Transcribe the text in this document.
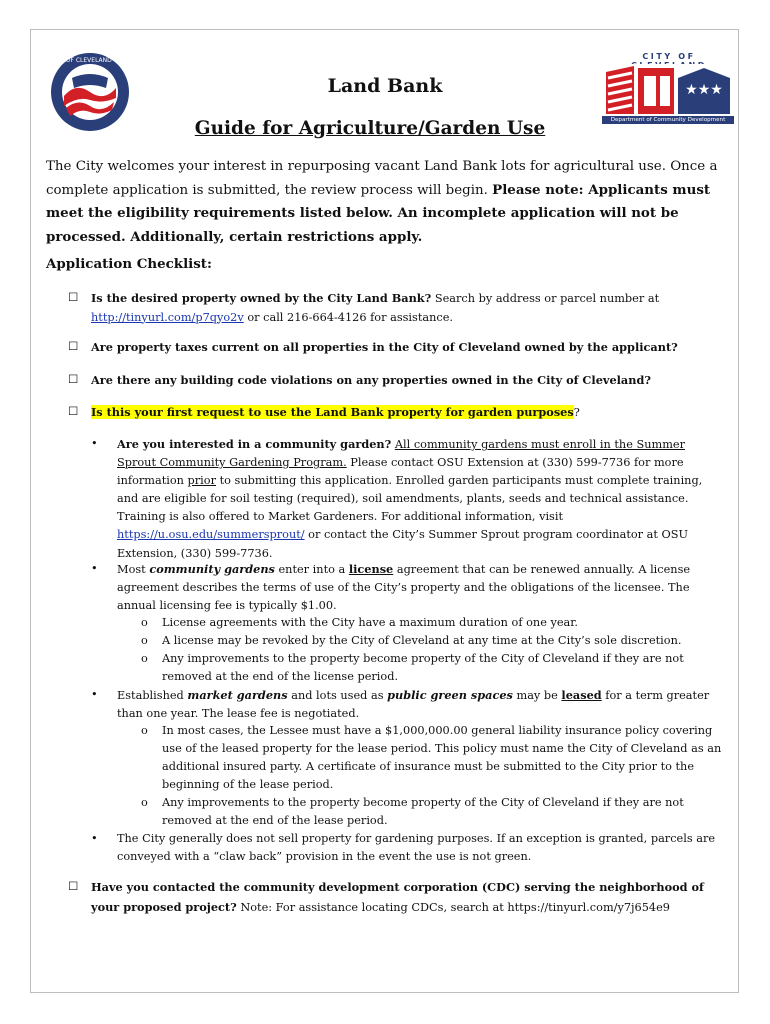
CITY OF CLEVELAND OHIO	CITY OF
★★★
Department of Community Development
Land Bank
Guide for Agriculture/Garden Use
The City welcomes your interest in repurposing vacant Land Bank lots for agricultural use. Once a complete application is submitted, the review process will begin. Please note: Applicants must meet the eligibility requirements listed below. An incomplete application will not be processed. Additionally, certain restrictions apply.
Application Checklist:
☐ Is the desired property owned by the City Land Bank? Search by address or parcel number at http://tinyurl.com/p7qyo2v or call 216-664-4126 for assistance.
☐ Are property taxes current on all properties in the City of Cleveland owned by the applicant?
☐ Are there any building code violations on any properties owned in the City of Cleveland?
☐ Is this your first request to use the Land Bank property for garden purposes?
• Are you interested in a community garden? All community gardens must enroll in the Summer Sprout Community Gardening Program. Please contact OSU Extension at (330) 599-7736 for more information prior to submitting this application. Enrolled garden participants must complete training, and are eligible for soil testing (required), soil amendments, plants, seeds and technical assistance. Training is also offered to Market Gardeners. For additional information, visit https://u.osu.edu/summersprout/ or contact the City’s Summer Sprout program coordinator at OSU Extension, (330) 599-7736.
• Most community gardens enter into a license agreement that can be renewed annually. A license agreement describes the terms of use of the City’s property and the obligations of the licensee. The annual licensing fee is typically $1.00.
o License agreements with the City have a maximum duration of one year.
o A license may be revoked by the City of Cleveland at any time at the City’s sole discretion.
o Any improvements to the property become property of the City of Cleveland if they are not removed at the end of the license period.
• Established market gardens and lots used as public green spaces may be leased for a term greater than one year. The lease fee is negotiated.
o In most cases, the Lessee must have a $1,000,000.00 general liability insurance policy covering use of the leased property for the lease period. This policy must name the City of Cleveland as an additional insured party. A certificate of insurance must be submitted to the City prior to the beginning of the lease period.
o Any improvements to the property become property of the City of Cleveland if they are not removed at the end of the lease period.
• The City generally does not sell property for gardening purposes. If an exception is granted, parcels are conveyed with a “claw back” provision in the event the use is not green.
☐ Have you contacted the community development corporation (CDC) serving the neighborhood of your proposed project? Note: For assistance locating CDCs, search at https://tinyurl.com/y7j654e9
